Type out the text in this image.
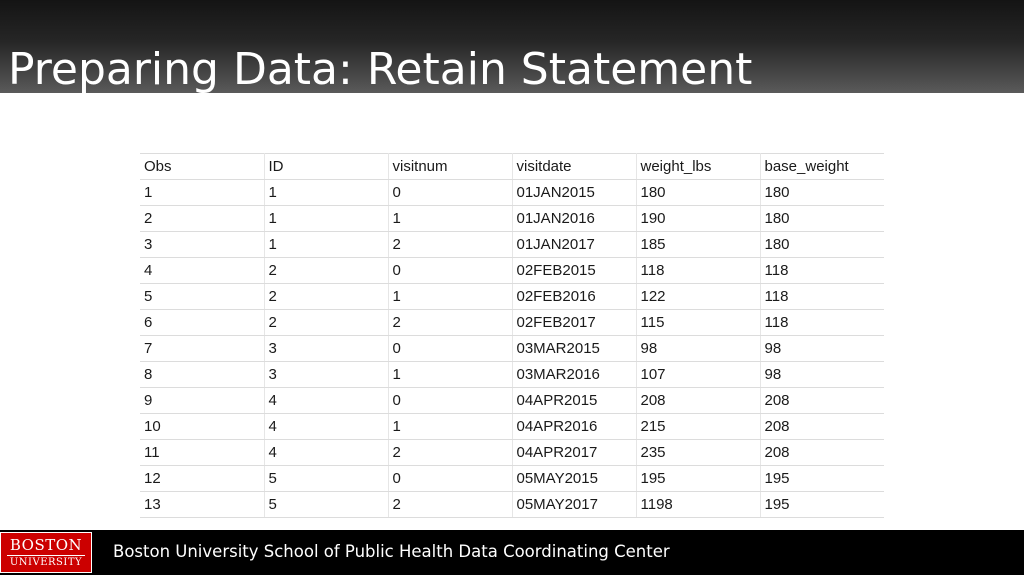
Preparing Data: Retain Statement
Obs	ID	visitnum	visitdate	weight_lbs	base_weight
1	1	0	01JAN2015	180	180
2	1	1	01JAN2016	190	180
3	1	2	01JAN2017	185	180
4	2	0	02FEB2015	118	118
5	2	1	02FEB2016	122	118
6	2	2	02FEB2017	115	118
7	3	0	03MAR2015	98	98
8	3	1	03MAR2016	107	98
9	4	0	04APR2015	208	208
10	4	1	04APR2016	215	208
11	4	2	04APR2017	235	208
12	5	0	05MAY2015	195	195
13	5	2	05MAY2017	1198	195
BOSTON
UNIVERSITY
Boston University School of Public Health Data Coordinating Center
